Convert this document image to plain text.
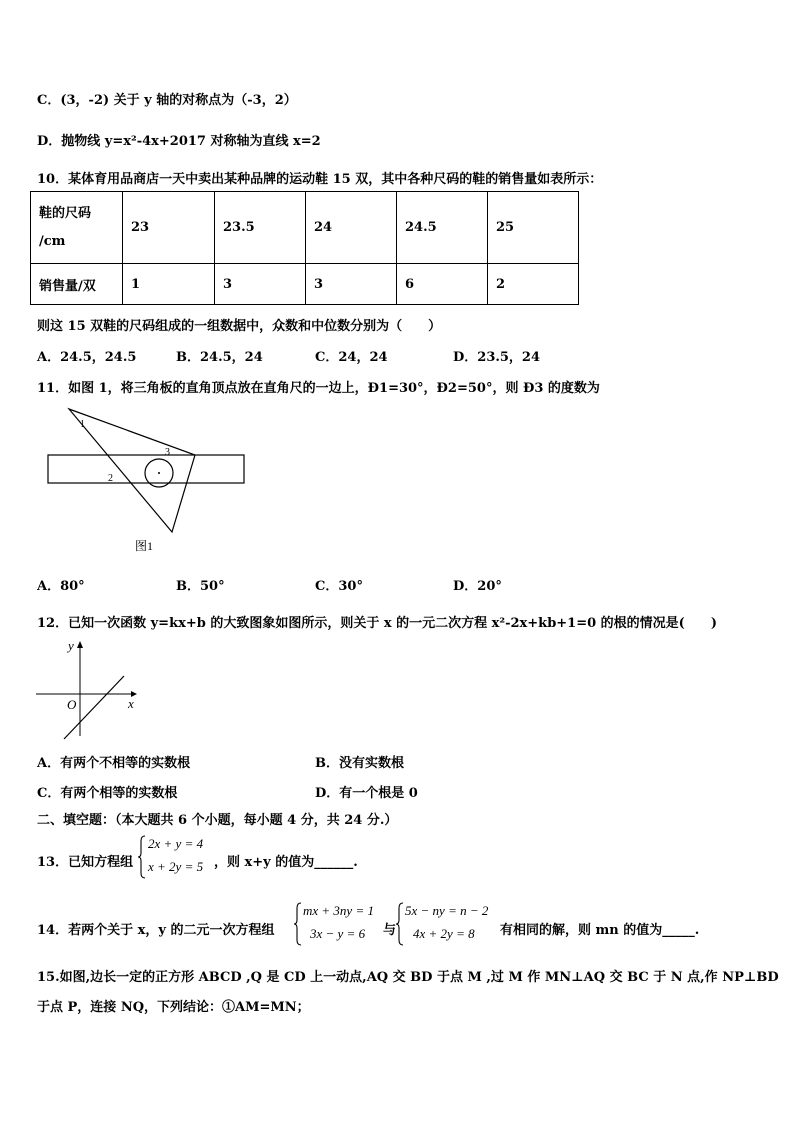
C．(3，-2) 关于 y 轴的对称点为（-3，2）
D．抛物线 y=x²-4x+2017 对称轴为直线 x=2
10．某体育用品商店一天中卖出某种品牌的运动鞋 15 双，其中各种尺码的鞋的销售量如表所示：
鞋的尺码
/cm	23	23.5	24	24.5	25
销售量/双	1	3	3	6	2
则这 15 双鞋的尺码组成的一组数据中，众数和中位数分别为（　　）
A．24.5，24.5	B．24.5，24	C．24，24	D．23.5，24
11．如图 1，将三角板的直角顶点放在直角尺的一边上，Ð1=30°，Ð2=50°，则 Ð3 的度数为
1
2
3
图1
A．80°	B．50°	C．30°	D．20°
12．已知一次函数 y=kx+b 的大致图象如图所示，则关于 x 的一元二次方程 x²-2x+kb+1=0 的根的情况是(　　)
y
x
O
A．有两个不相等的实数根	B．没有实数根
C．有两个相等的实数根	D．有一个根是 0
二、填空题：（本大题共 6 个小题，每小题 4 分，共 24 分.）
13．已知方程组
2x + y = 4
x + 2y = 5 ，则 x+y 的值为______.
14．若两个关于 x，y 的二元一次方程组
mx + 3ny = 1
3x − y = 6 与
5x − ny = n − 2
4x + 2y = 8 有相同的解，则 mn 的值为_____.
15.如图,边长一定的正方形 ABCD ,Q 是 CD 上一动点,AQ 交 BD 于点 M ,过 M 作 MN⊥AQ 交 BC 于 N 点,作 NP⊥BD
于点 P，连接 NQ，下列结论：①AM=MN；
